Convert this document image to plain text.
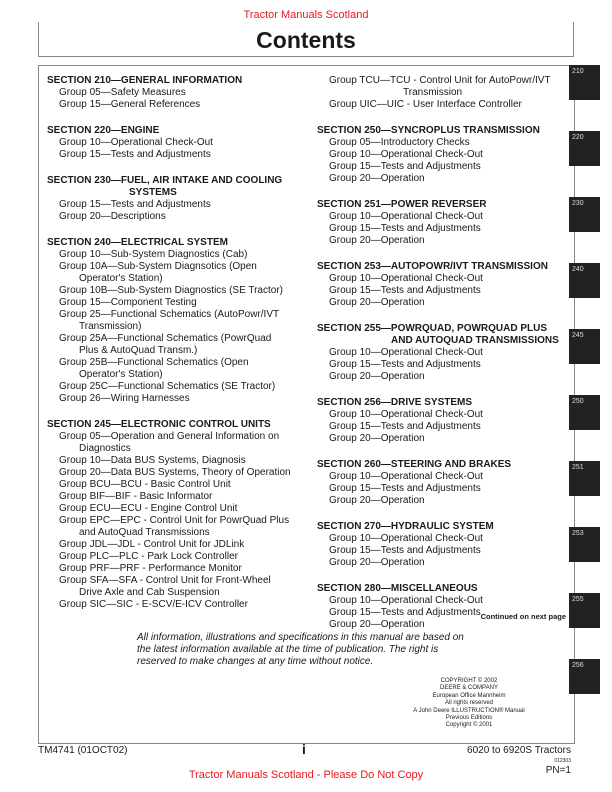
Tractor Manuals Scotland
Contents
SECTION 210—GENERAL INFORMATION
Group 05—Safety Measures
Group 15—General References
SECTION 220—ENGINE
Group 10—Operational Check-Out
Group 15—Tests and Adjustments
SECTION 230—FUEL, AIR INTAKE AND COOLING
SYSTEMS
Group 15—Tests and Adjustments
Group 20—Descriptions
SECTION 240—ELECTRICAL SYSTEM
Group 10—Sub-System Diagnostics (Cab)
Group 10A—Sub-System Diagnsotics (Open
Operator's Station)
Group 10B—Sub-System Diagnostics (SE Tractor)
Group 15—Component Testing
Group 25—Functional Schematics (AutoPowr/IVT
Transmission)
Group 25A—Functional Schematics (PowrQuad
Plus & AutoQuad Transm.)
Group 25B—Functional Schematics (Open
Operator's Station)
Group 25C—Functional Schematics (SE Tractor)
Group 26—Wiring Harnesses
SECTION 245—ELECTRONIC CONTROL UNITS
Group 05—Operation and General Information on
Diagnostics
Group 10—Data BUS Systems, Diagnosis
Group 20—Data BUS Systems, Theory of Operation
Group BCU—BCU - Basic Control Unit
Group BIF—BIF - Basic Informator
Group ECU—ECU - Engine Control Unit
Group EPC—EPC - Control Unit for PowrQuad Plus
and AutoQuad Transmissions
Group JDL—JDL - Control Unit for JDLink
Group PLC—PLC - Park Lock Controller
Group PRF—PRF - Performance Monitor
Group SFA—SFA - Control Unit for Front-Wheel
Drive Axle and Cab Suspension
Group SIC—SIC - E-SCV/E-ICV Controller
Group TCU—TCU - Control Unit for AutoPowr/IVT
Transmission
Group UIC—UIC - User Interface Controller
SECTION 250—SYNCROPLUS TRANSMISSION
Group 05—Introductory Checks
Group 10—Operational Check-Out
Group 15—Tests and Adjustments
Group 20—Operation
SECTION 251—POWER REVERSER
Group 10—Operational Check-Out
Group 15—Tests and Adjustments
Group 20—Operation
SECTION 253—AUTOPOWR/IVT TRANSMISSION
Group 10—Operational Check-Out
Group 15—Tests and Adjustments
Group 20—Operation
SECTION 255—POWRQUAD, POWRQUAD PLUS
AND AUTOQUAD TRANSMISSIONS
Group 10—Operational Check-Out
Group 15—Tests and Adjustments
Group 20—Operation
SECTION 256—DRIVE SYSTEMS
Group 10—Operational Check-Out
Group 15—Tests and Adjustments
Group 20—Operation
SECTION 260—STEERING AND BRAKES
Group 10—Operational Check-Out
Group 15—Tests and Adjustments
Group 20—Operation
SECTION 270—HYDRAULIC SYSTEM
Group 10—Operational Check-Out
Group 15—Tests and Adjustments
Group 20—Operation
SECTION 280—MISCELLANEOUS
Group 10—Operational Check-Out
Group 15—Tests and Adjustments
Group 20—Operation
Continued on next page
All information, illustrations and specifications in this manual are based on the latest information available at the time of publication. The right is reserved to make changes at any time without notice.
COPYRIGHT © 2002
DEERE & COMPANY
European Office Mannheim
All rights reserved
A John Deere ILLUSTRUCTION® Manual
Previous Editions
Copyright © 2001
210
220
230
240
245
250
251
253
255
256
TM4741 (01OCT02)	i	6020 to 6920S Tractors
012303
PN=1
Tractor Manuals Scotland - Please Do Not Copy
